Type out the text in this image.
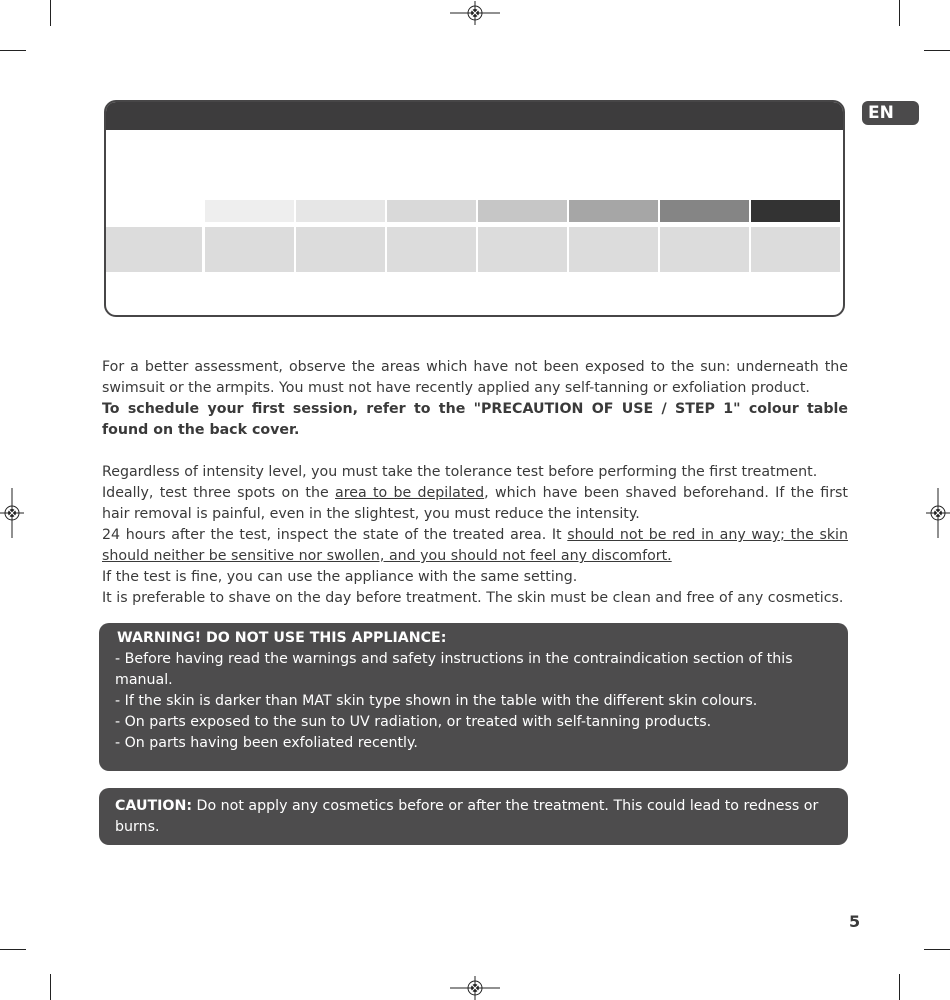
EN

For a better assessment, observe the areas which have not been exposed to the sun: underneath the swimsuit or the armpits. You must not have recently applied any self-tanning or exfoliation product.

To schedule your first session, refer to the "PRECAUTION OF USE / STEP 1" colour table found on the back cover.

Regardless of intensity level, you must take the tolerance test before performing the first treatment.

Ideally, test three spots on the area to be depilated, which have been shaved beforehand. If the first hair removal is painful, even in the slightest, you must reduce the intensity.

24 hours after the test, inspect the state of the treated area. It should not be red in any way; the skin should neither be sensitive nor swollen, and you should not feel any discomfort.

If the test is fine, you can use the appliance with the same setting.

It is preferable to shave on the day before treatment. The skin must be clean and free of any cosmetics.

WARNING! DO NOT USE THIS APPLIANCE:
- Before having read the warnings and safety instructions in the contraindication section of this manual.
- If the skin is darker than MAT skin type shown in the table with the different skin colours.
- On parts exposed to the sun to UV radiation, or treated with self-tanning products.
- On parts having been exfoliated recently.
CAUTION: Do not apply any cosmetics before or after the treatment. This could lead to redness or burns.
5
